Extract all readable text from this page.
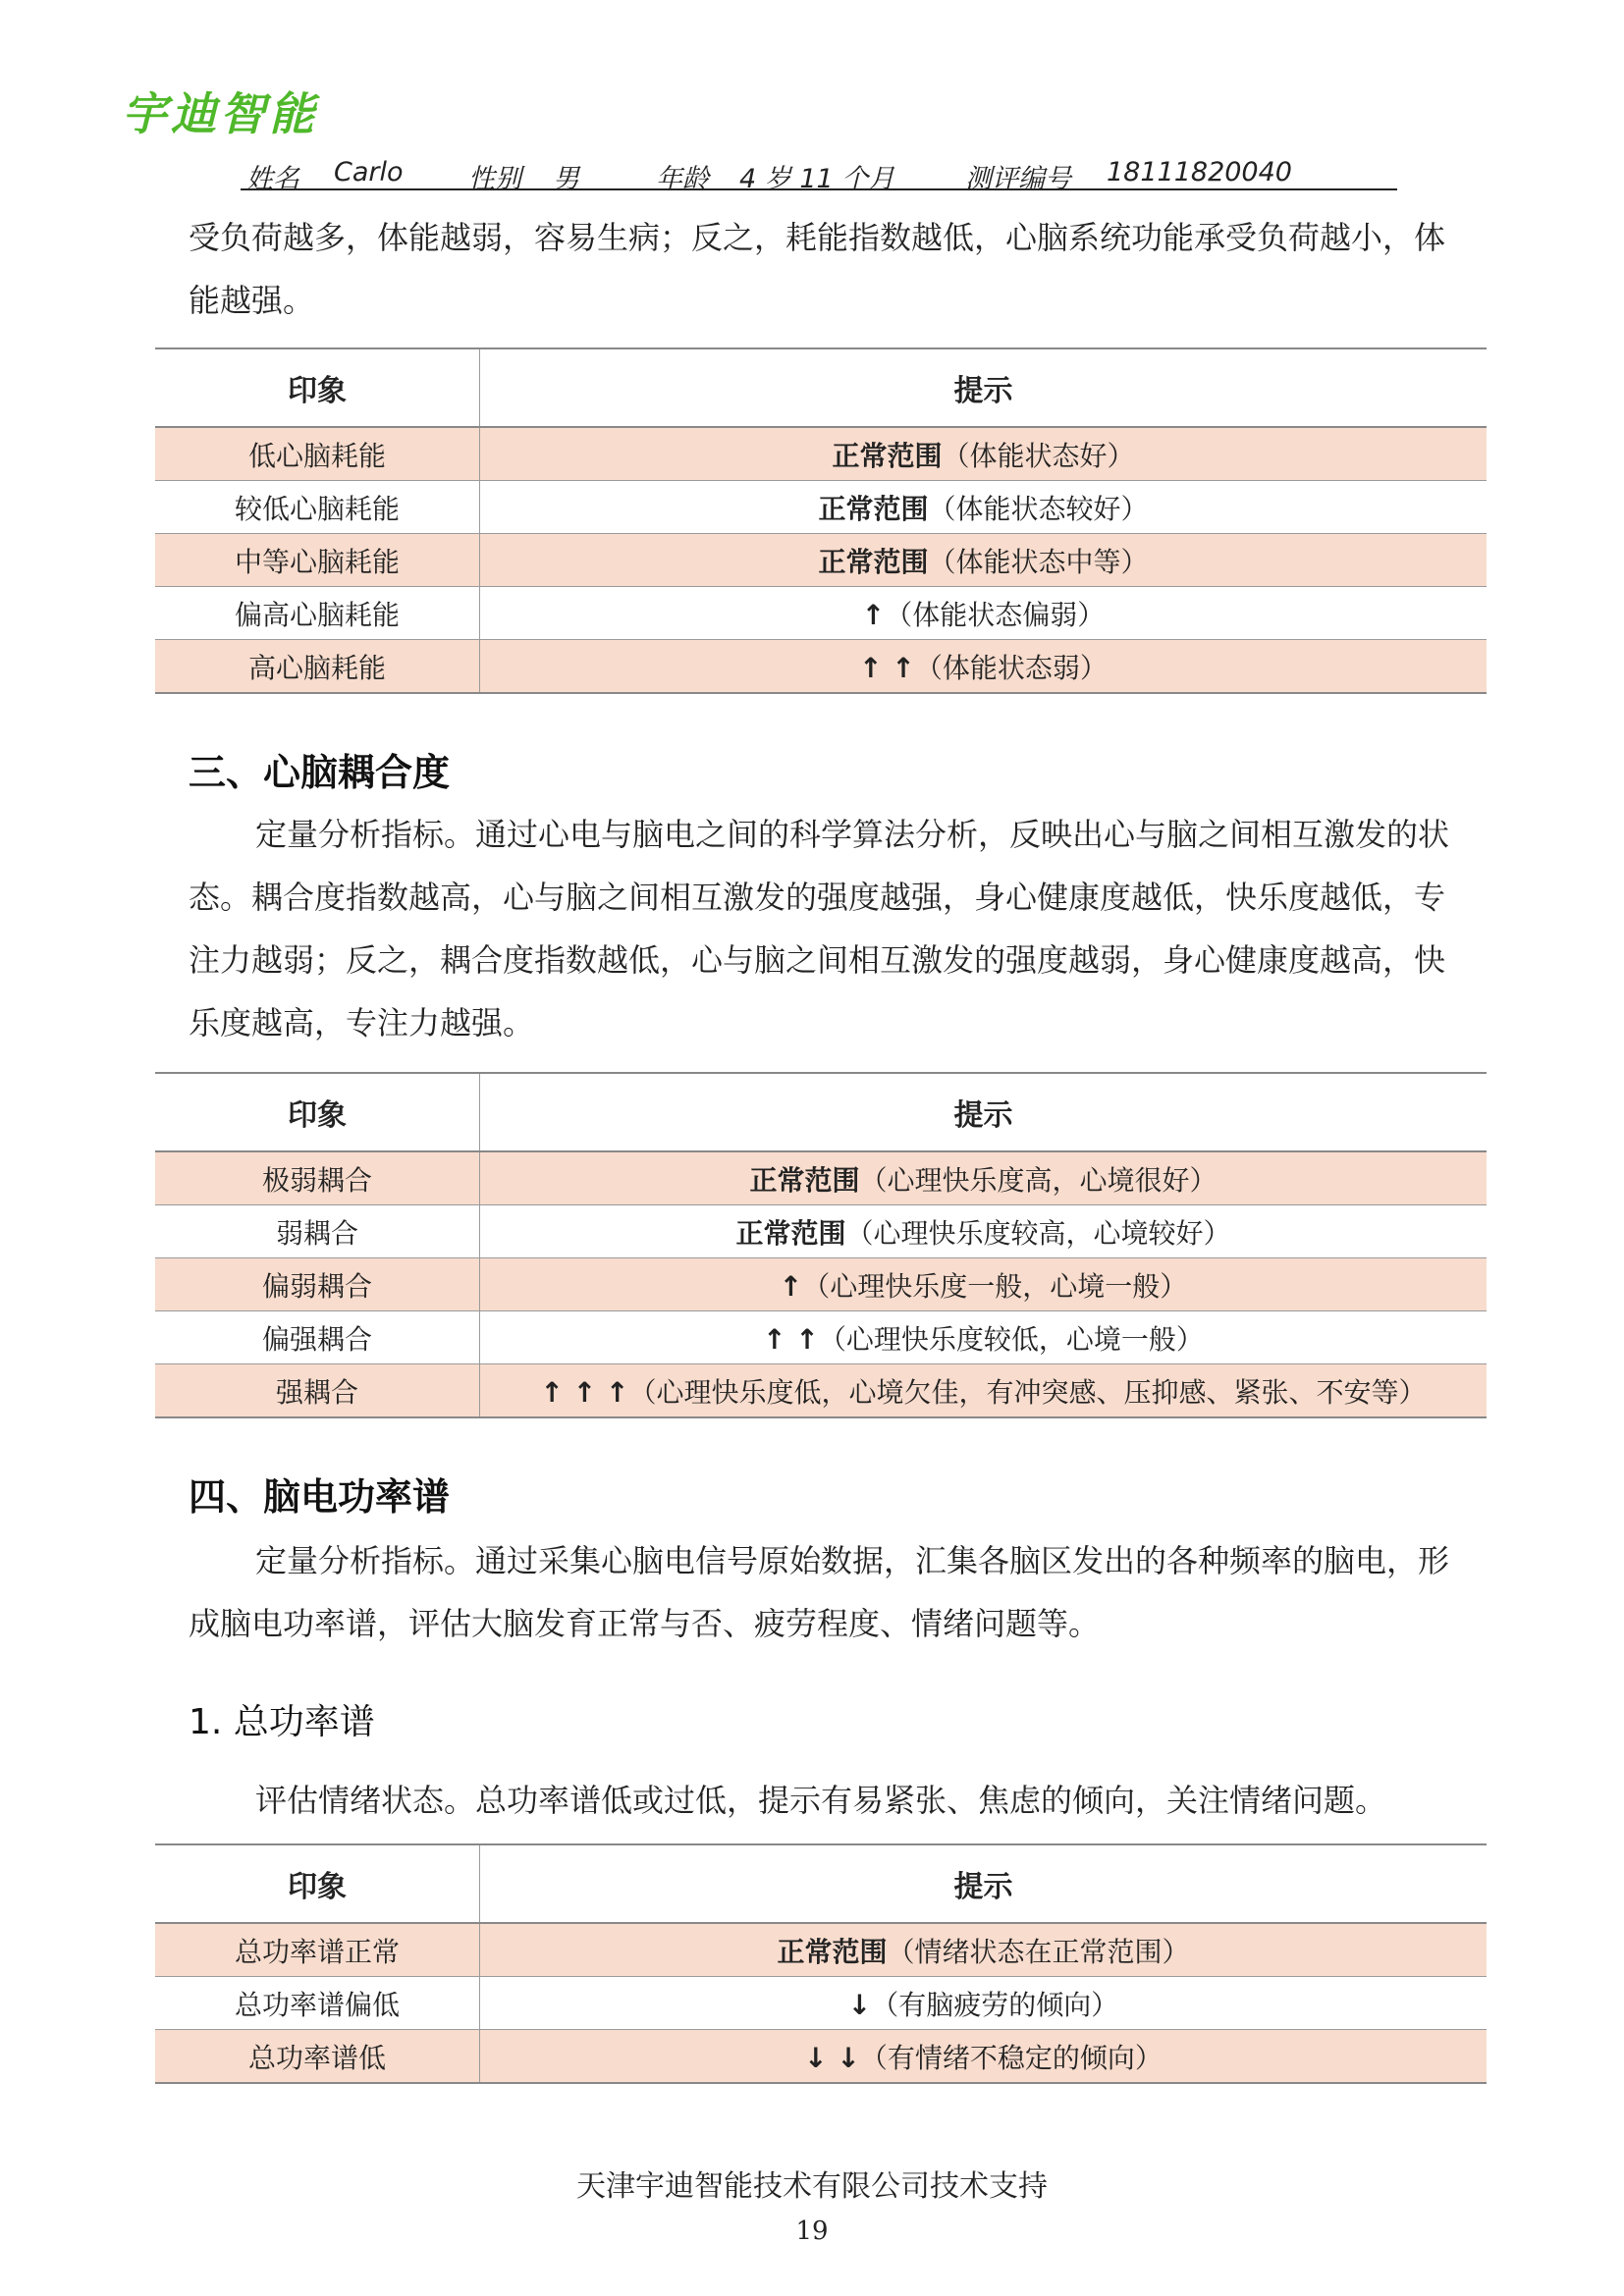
宇迪智能
姓名 Carlo 性别 男	年龄 4 岁 11 个月	测评编号 18111820040

受负荷越多，体能越弱，容易生病；反之，耗能指数越低，心脑系统功能承受负荷越小，体能越强。

印象	提示
低心脑耗能	正常范围（体能状态好）
较低心脑耗能	正常范围（体能状态较好）
中等心脑耗能	正常范围（体能状态中等）
偏高心脑耗能	↑（体能状态偏弱）
高心脑耗能	↑ ↑（体能状态弱）
三、心脑耦合度

定量分析指标。通过心电与脑电之间的科学算法分析，反映出心与脑之间相互激发的状态。耦合度指数越高，心与脑之间相互激发的强度越强，身心健康度越低，快乐度越低，专注力越弱；反之，耦合度指数越低，心与脑之间相互激发的强度越弱，身心健康度越高，快乐度越高，专注力越强。

印象	提示
极弱耦合	正常范围（心理快乐度高，心境很好）
弱耦合	正常范围（心理快乐度较高，心境较好）
偏弱耦合	↑（心理快乐度一般，心境一般）
偏强耦合	↑ ↑（心理快乐度较低，心境一般）
强耦合	↑ ↑ ↑（心理快乐度低，心境欠佳，有冲突感、压抑感、紧张、不安等）
四、脑电功率谱

定量分析指标。通过采集心脑电信号原始数据，汇集各脑区发出的各种频率的脑电，形成脑电功率谱，评估大脑发育正常与否、疲劳程度、情绪问题等。

1. 总功率谱

评估情绪状态。总功率谱低或过低，提示有易紧张、焦虑的倾向，关注情绪问题。

印象	提示
总功率谱正常	正常范围（情绪状态在正常范围）
总功率谱偏低	↓（有脑疲劳的倾向）
总功率谱低	↓ ↓（有情绪不稳定的倾向）
天津宇迪智能技术有限公司技术支持
19
